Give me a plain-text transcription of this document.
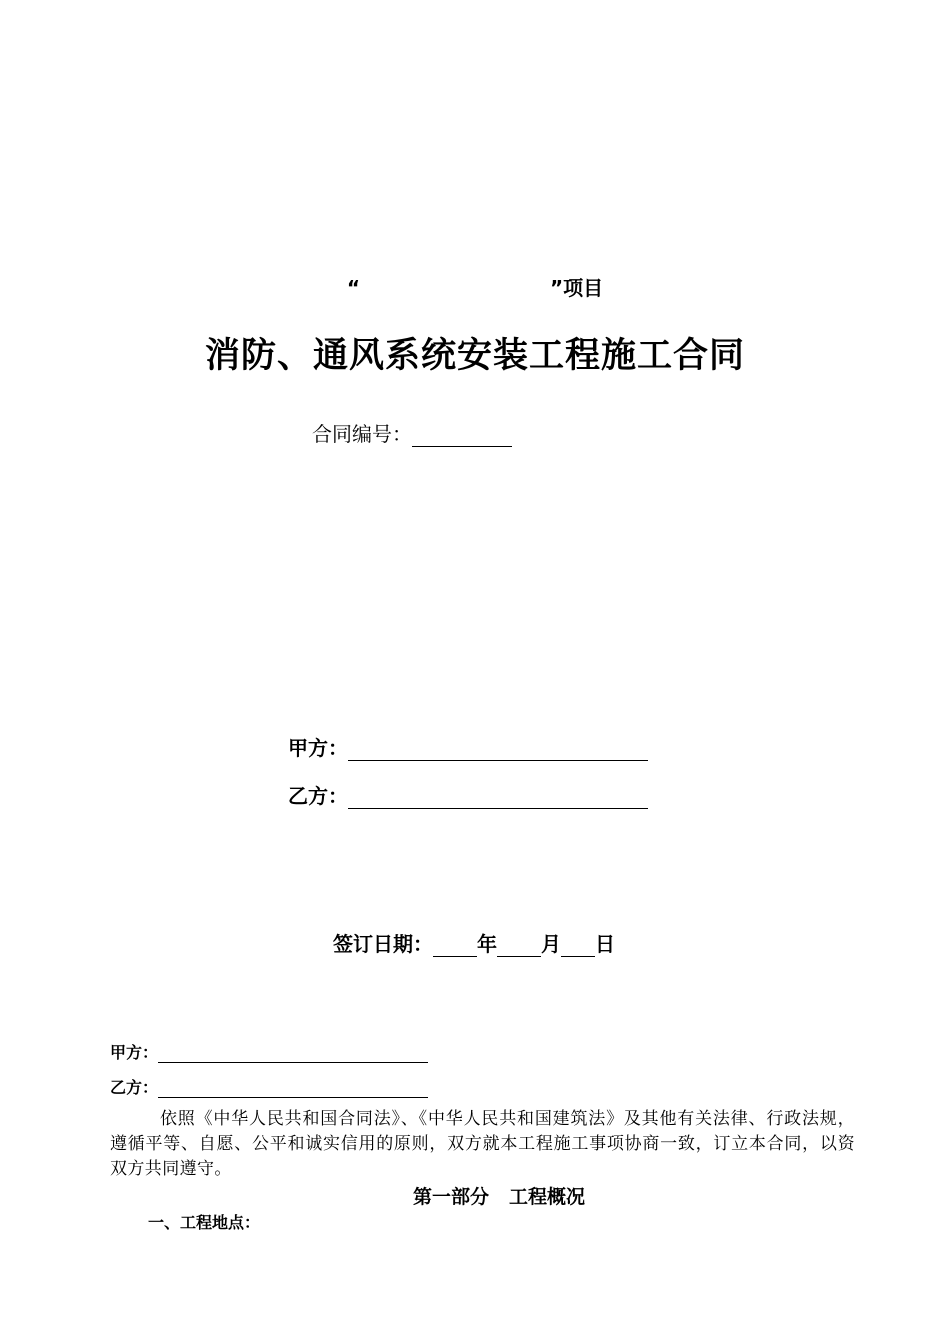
“	”项目
消防、通风系统安装工程施工合同
合同编号：
甲方：
乙方：
签订日期： 年 月 日
甲方：
乙方：
依照《中华人民共和国合同法》、《中华人民共和国建筑法》及其他有关法律、行政法规，遵循平等、自愿、公平和诚实信用的原则，双方就本工程施工事项协商一致，订立本合同，以资双方共同遵守。
第一部分 工程概况
一、工程地点：
